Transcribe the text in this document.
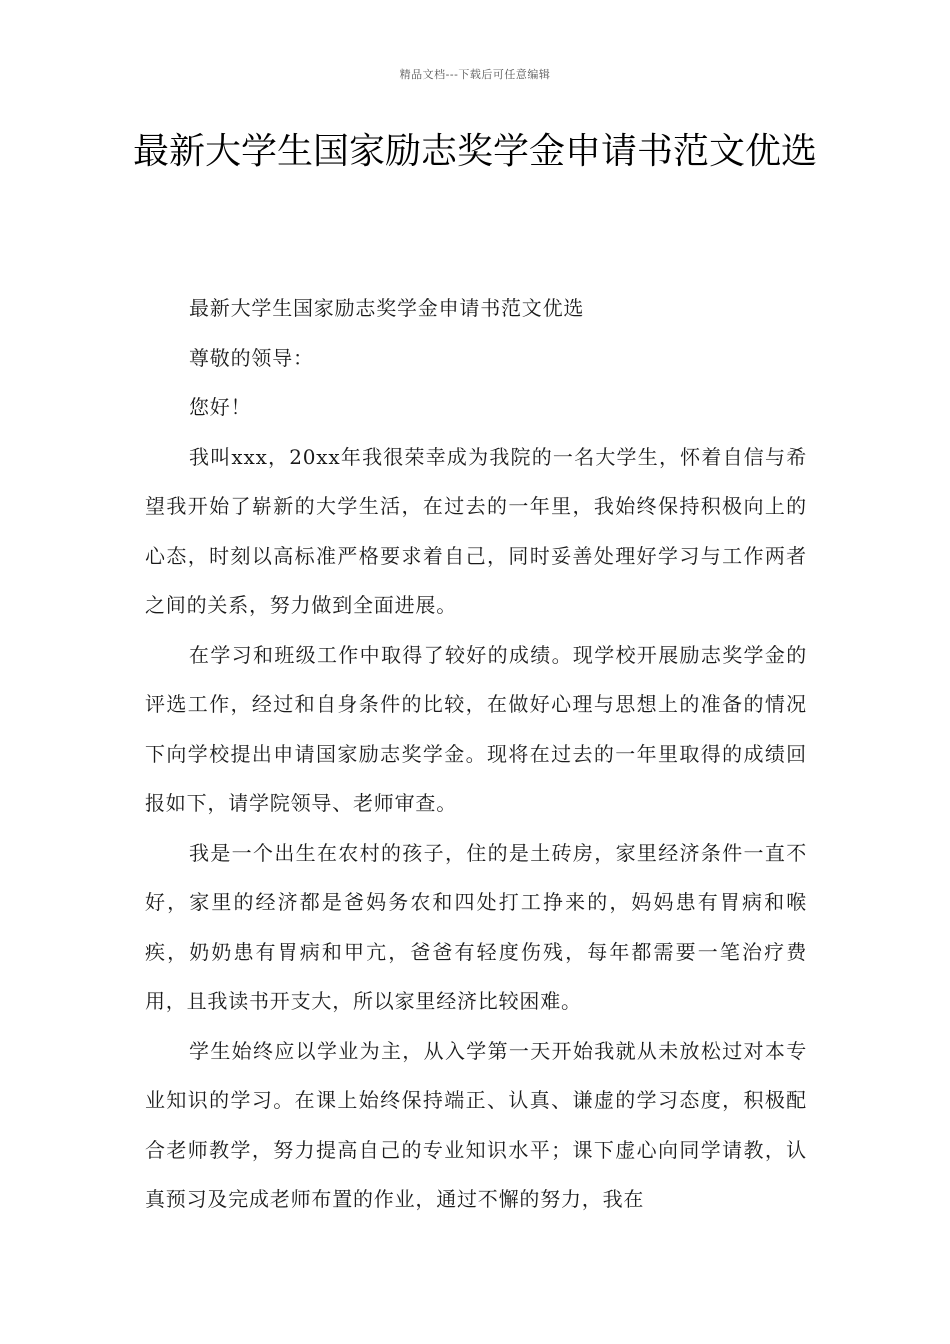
精品文档---下载后可任意编辑
最新大学生国家励志奖学金申请书范文优选

最新大学生国家励志奖学金申请书范文优选

尊敬的领导：

您好！

我叫xxx，20xx年我很荣幸成为我院的一名大学生，怀着自信与希望我开始了崭新的大学生活，在过去的一年里，我始终保持积极向上的心态，时刻以高标准严格要求着自己，同时妥善处理好学习与工作两者之间的关系，努力做到全面进展。

在学习和班级工作中取得了较好的成绩。现学校开展励志奖学金的评选工作，经过和自身条件的比较，在做好心理与思想上的准备的情况下向学校提出申请国家励志奖学金。现将在过去的一年里取得的成绩回报如下，请学院领导、老师审查。

我是一个出生在农村的孩子，住的是土砖房，家里经济条件一直不好，家里的经济都是爸妈务农和四处打工挣来的，妈妈患有胃病和喉疾，奶奶患有胃病和甲亢，爸爸有轻度伤残，每年都需要一笔治疗费用，且我读书开支大，所以家里经济比较困难。

学生始终应以学业为主，从入学第一天开始我就从未放松过对本专业知识的学习。在课上始终保持端正、认真、谦虚的学习态度，积极配合老师教学，努力提高自己的专业知识水平；课下虚心向同学请教，认真预习及完成老师布置的作业，通过不懈的努力，我在
